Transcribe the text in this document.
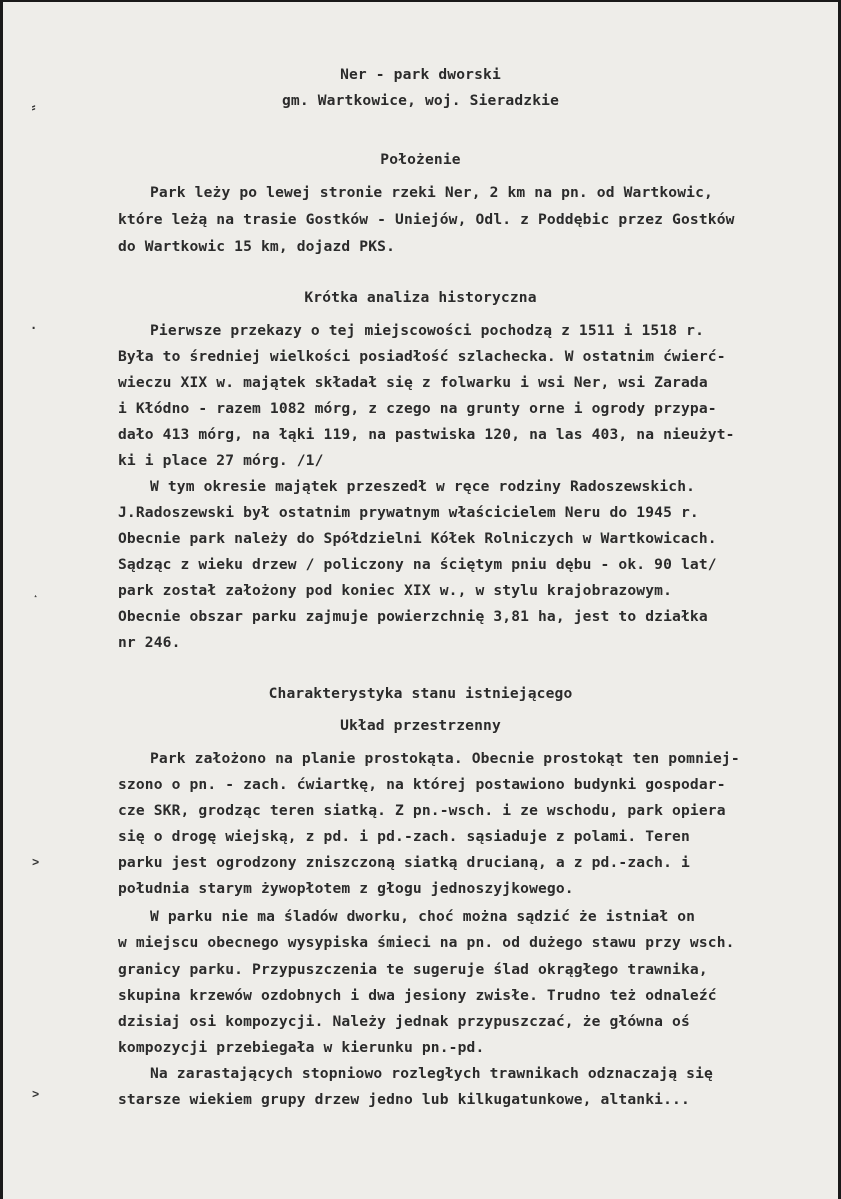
⸗
·
˔
˃
˃
Ner - park dworski
gm. Wartkowice, woj. Sieradzkie
Położenie
Park leży po lewej stronie rzeki Ner, 2 km na pn. od Wartkowic,
które leżą na trasie Gostków - Uniejów, Odl. z Poddębic przez Gostków
do Wartkowic 15 km, dojazd PKS.
Krótka analiza historyczna
Pierwsze przekazy o tej miejscowości pochodzą z 1511 i 1518 r.
Była to średniej wielkości posiadłość szlachecka. W ostatnim ćwierć-
wieczu XIX w. majątek składał się z folwarku i wsi Ner, wsi Zarada
i Kłódno - razem 1082 mórg, z czego na grunty orne i ogrody przypa-
dało 413 mórg, na łąki 119, na pastwiska 120, na las 403, na nieużyt-
ki i place 27 mórg. /1/
W tym okresie majątek przeszedł w ręce rodziny Radoszewskich.
J.Radoszewski był ostatnim prywatnym właścicielem Neru do 1945 r.
Obecnie park należy do Spółdzielni Kółek Rolniczych w Wartkowicach.
Sądząc z wieku drzew / policzony na ściętym pniu dębu - ok. 90 lat/
park został założony pod koniec XIX w., w stylu krajobrazowym.
Obecnie obszar parku zajmuje powierzchnię 3,81 ha, jest to działka
nr 246.
Charakterystyka stanu istniejącego
Układ przestrzenny
Park założono na planie prostokąta. Obecnie prostokąt ten pomniej-
szono o pn. - zach. ćwiartkę, na której postawiono budynki gospodar-
cze SKR, grodząc teren siatką. Z pn.-wsch. i ze wschodu, park opiera
się o drogę wiejską, z pd. i pd.-zach. sąsiaduje z polami. Teren
parku jest ogrodzony zniszczoną siatką drucianą, a z pd.-zach. i
południa starym żywopłotem z głogu jednoszyjkowego.
W parku nie ma śladów dworku, choć można sądzić że istniał on
w miejscu obecnego wysypiska śmieci na pn. od dużego stawu przy wsch.
granicy parku. Przypuszczenia te sugeruje ślad okrągłego trawnika,
skupina krzewów ozdobnych i dwa jesiony zwisłe. Trudno też odnaleźć
dzisiaj osi kompozycji. Należy jednak przypuszczać, że główna oś
kompozycji przebiegała w kierunku pn.-pd.
Na zarastających stopniowo rozległych trawnikach odznaczają się
starsze wiekiem grupy drzew jedno lub kilkugatunkowe, altanki...
